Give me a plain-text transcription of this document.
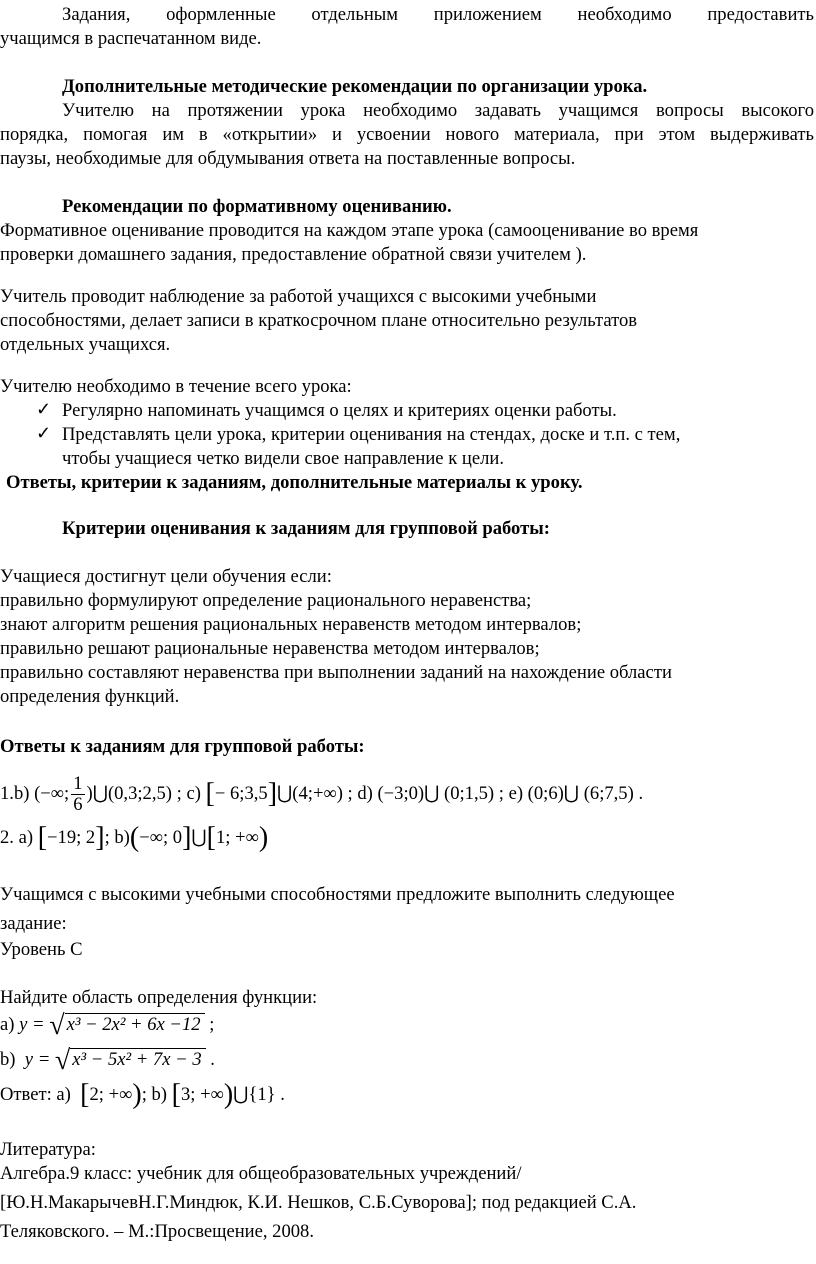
Задания, оформленные отдельным приложением необходимо предоставить
учащимся в распечатанном виде.
Дополнительные методические рекомендации по организации урока.
Учителю на протяжении урока необходимо задавать учащимся вопросы высокого
порядка, помогая им в «открытии» и усвоении нового материала, при этом выдерживать
паузы, необходимые для обдумывания ответа на поставленные вопросы.
Рекомендации по формативному оцениванию.
Формативное оценивание проводится на каждом этапе урока (самооценивание во время
проверки домашнего задания, предоставление обратной связи учителем ).
Учитель проводит наблюдение за работой учащихся с высокими учебными
способностями, делает записи в краткосрочном плане относительно результатов
отдельных учащихся.
Учителю необходимо в течение всего урока:
✓ Регулярно напоминать учащимся о целях и критериях оценки работы.
✓ Представлять цели урока, критерии оценивания на стендах, доске и т.п. с тем,
чтобы учащиеся четко видели свое направление к цели.
Ответы, критерии к заданиям, дополнительные материалы к уроку.
Критерии оценивания к заданиям для групповой работы:
Учащиеся достигнут цели обучения если:
правильно формулируют определение рационального неравенства;
знают алгоритм решения рациональных неравенств методом интервалов;
правильно решают рациональные неравенства методом интервалов;
правильно составляют неравенства при выполнении заданий на нахождение области
определения функций.
Ответы к заданиям для групповой работы:
1.b) (−∞; $\frac{1}{6}$ )⋃(0,3;2,5) ; c) [− 6;3,5]⋃(4;+∞) ; d) (−3;0)⋃ (0;1,5) ; e) (0;6)⋃ (6;7,5) .
2. a) [−19; 2]; b)(−∞; 0]⋃[1; +∞)
Учащимся с высокими учебными способностями предложите выполнить следующее
задание:
Уровень С
Найдите область определения функции:
a) y = √ x³ − 2x² + 6x −12 ;
b) y = √ x³ − 5x² + 7x − 3 .
Ответ: a) [2; +∞); b) [3; +∞)⋃{1} .
Литература:
Алгебра.9 класс: учебник для общеобразовательных учреждений/
[Ю.Н.МакарычевН.Г.Миндюк, К.И. Нешков, С.Б.Суворова]; под редакцией С.А.
Теляковского. – М.:Просвещение, 2008.
